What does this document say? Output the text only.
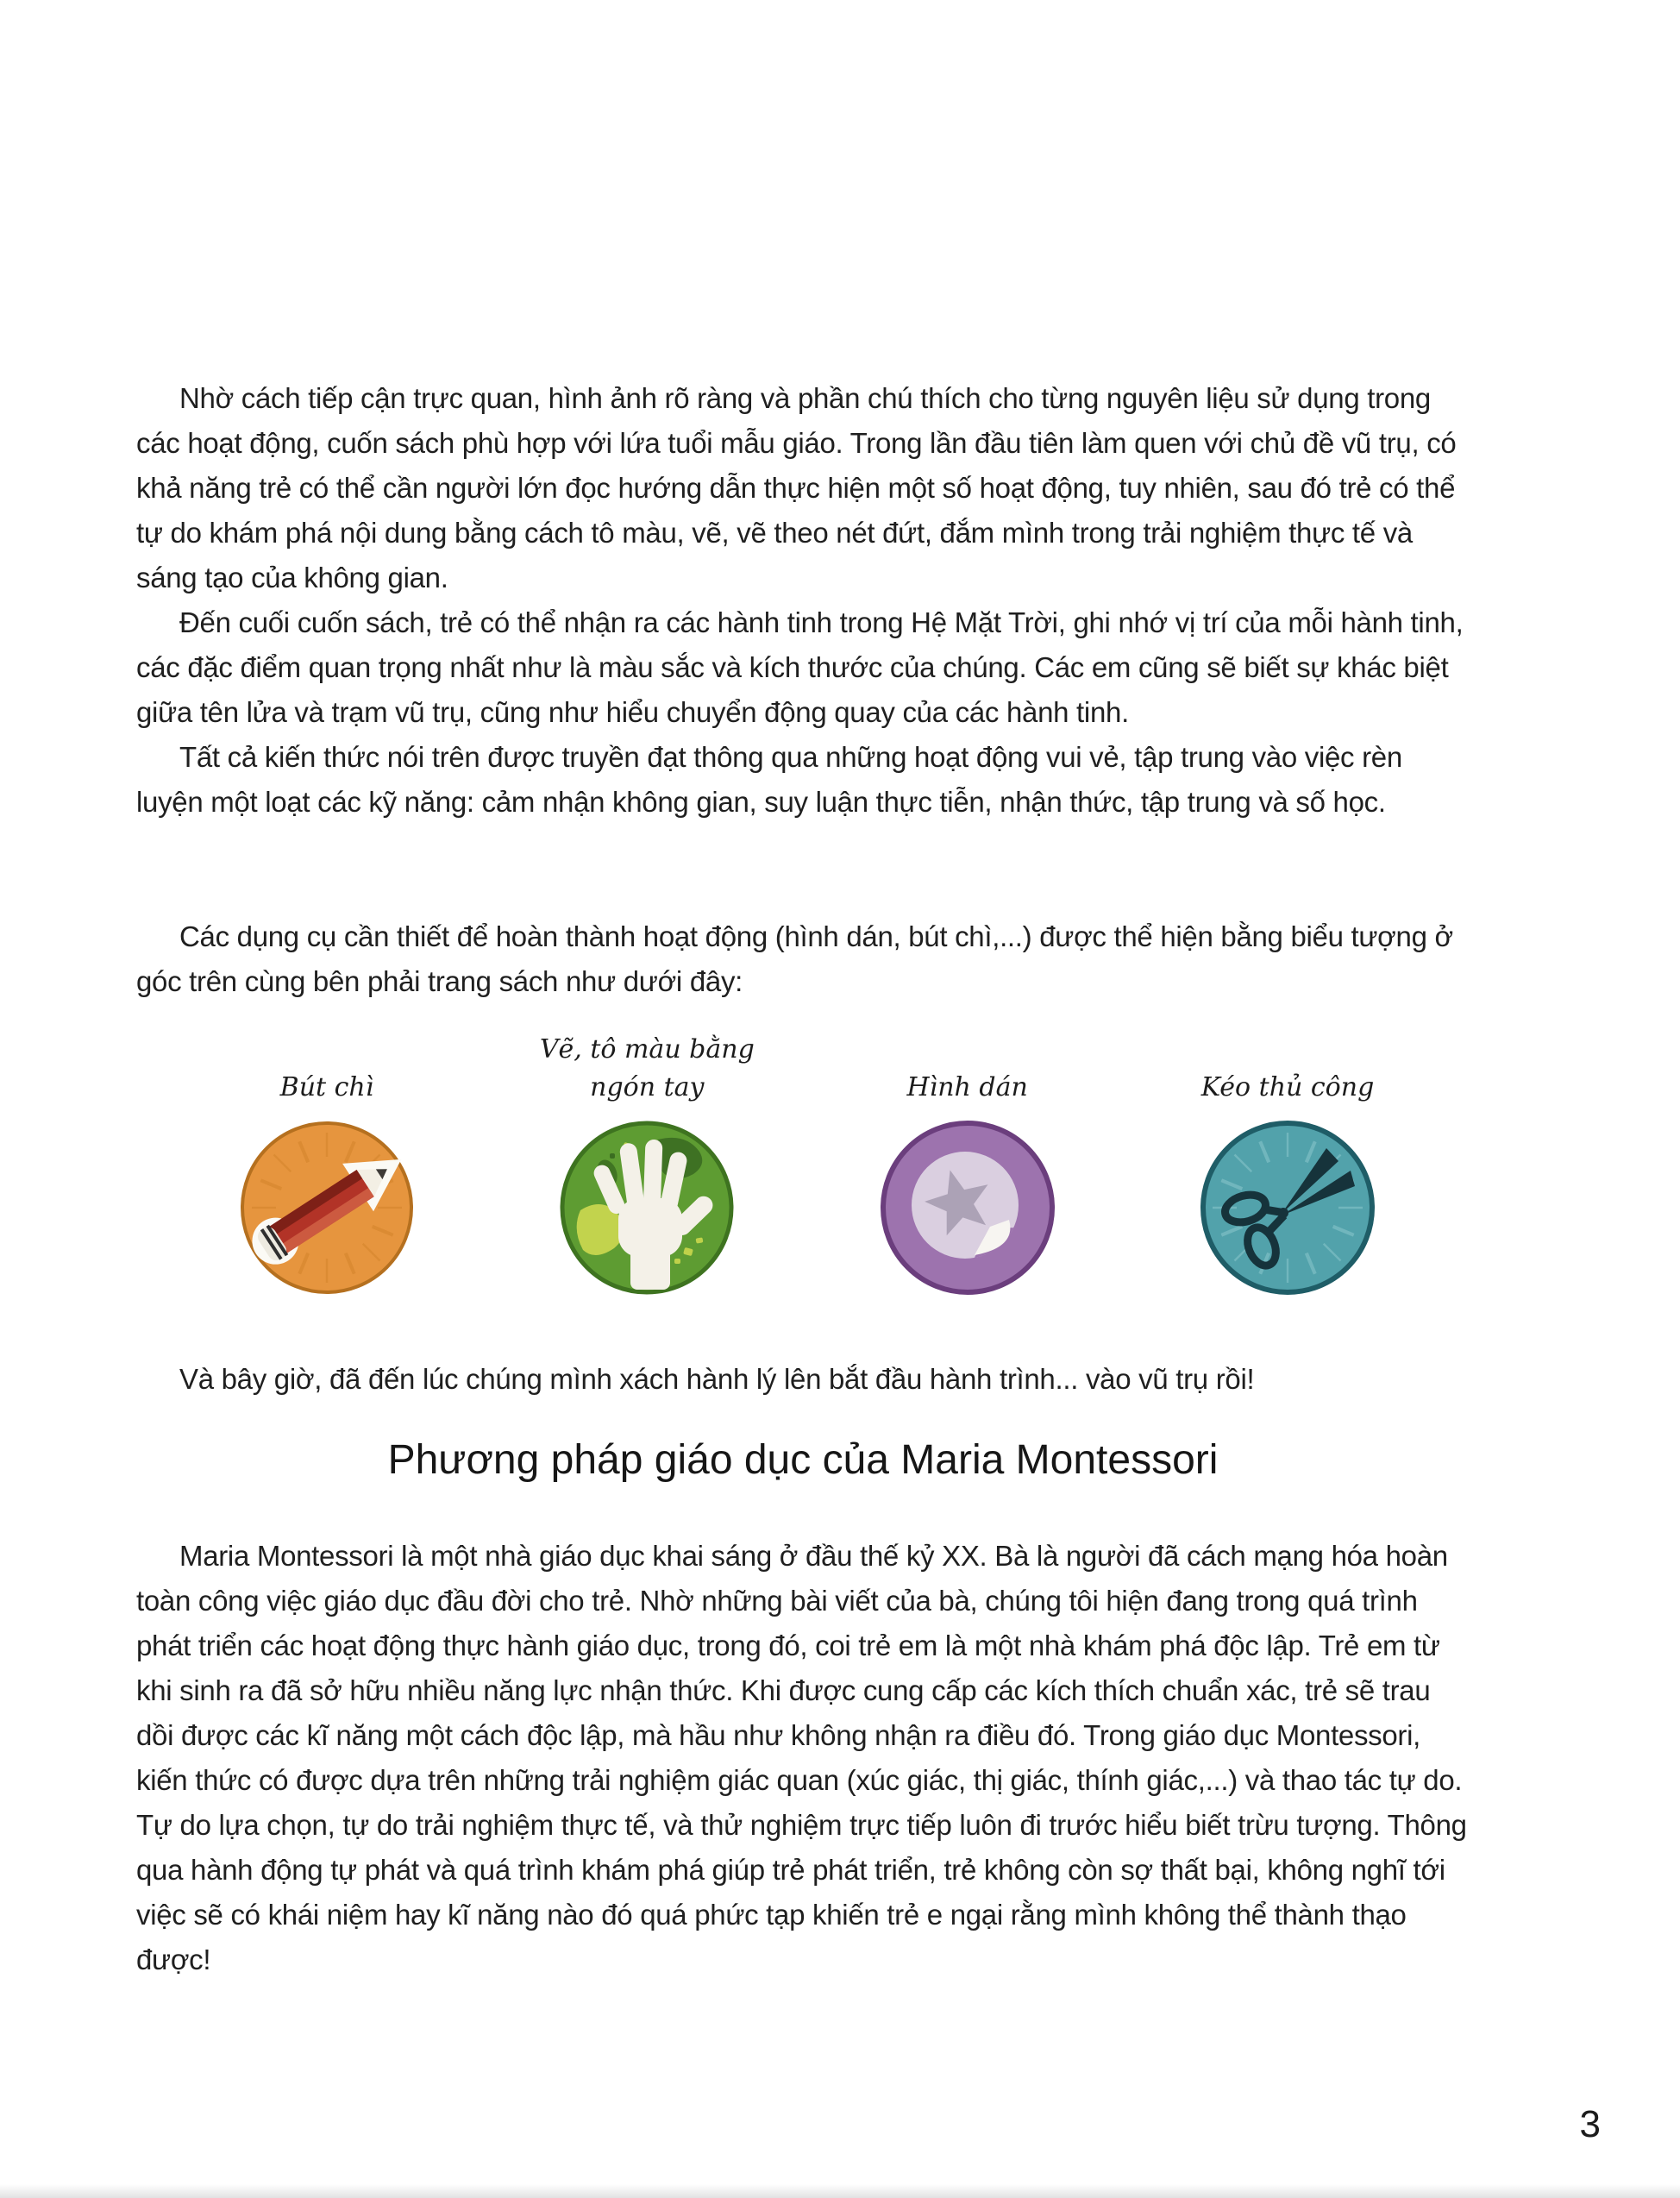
Nhờ cách tiếp cận trực quan, hình ảnh rõ ràng và phần chú thích cho từng nguyên liệu sử dụng trong các hoạt động, cuốn sách phù hợp với lứa tuổi mẫu giáo. Trong lần đầu tiên làm quen với chủ đề vũ trụ, có khả năng trẻ có thể cần người lớn đọc hướng dẫn thực hiện một số hoạt động, tuy nhiên, sau đó trẻ có thể tự do khám phá nội dung bằng cách tô màu, vẽ, vẽ theo nét đứt, đắm mình trong trải nghiệm thực tế và sáng tạo của không gian.

Đến cuối cuốn sách, trẻ có thể nhận ra các hành tinh trong Hệ Mặt Trời, ghi nhớ vị trí của mỗi hành tinh, các đặc điểm quan trọng nhất như là màu sắc và kích thước của chúng. Các em cũng sẽ biết sự khác biệt giữa tên lửa và trạm vũ trụ, cũng như hiểu chuyển động quay của các hành tinh.

Tất cả kiến thức nói trên được truyền đạt thông qua những hoạt động vui vẻ, tập trung vào việc rèn luyện một loạt các kỹ năng: cảm nhận không gian, suy luận thực tiễn, nhận thức, tập trung và số học.

Các dụng cụ cần thiết để hoàn thành hoạt động (hình dán, bút chì,...) được thể hiện bằng biểu tượng ở góc trên cùng bên phải trang sách như dưới đây:

Bút chì
Vẽ, tô màu bằng ngón tay	Hình dán	Kéo thủ công

Và bây giờ, đã đến lúc chúng mình xách hành lý lên bắt đầu hành trình... vào vũ trụ rồi!

Phương pháp giáo dục của Maria Montessori

Maria Montessori là một nhà giáo dục khai sáng ở đầu thế kỷ XX. Bà là người đã cách mạng hóa hoàn toàn công việc giáo dục đầu đời cho trẻ. Nhờ những bài viết của bà, chúng tôi hiện đang trong quá trình phát triển các hoạt động thực hành giáo dục, trong đó, coi trẻ em là một nhà khám phá độc lập. Trẻ em từ khi sinh ra đã sở hữu nhiều năng lực nhận thức. Khi được cung cấp các kích thích chuẩn xác, trẻ sẽ trau dồi được các kĩ năng một cách độc lập, mà hầu như không nhận ra điều đó. Trong giáo dục Montessori, kiến thức có được dựa trên những trải nghiệm giác quan (xúc giác, thị giác, thính giác,...) và thao tác tự do. Tự do lựa chọn, tự do trải nghiệm thực tế, và thử nghiệm trực tiếp luôn đi trước hiểu biết trừu tượng. Thông qua hành động tự phát và quá trình khám phá giúp trẻ phát triển, trẻ không còn sợ thất bại, không nghĩ tới việc sẽ có khái niệm hay kĩ năng nào đó quá phức tạp khiến trẻ e ngại rằng mình không thể thành thạo được!

3
